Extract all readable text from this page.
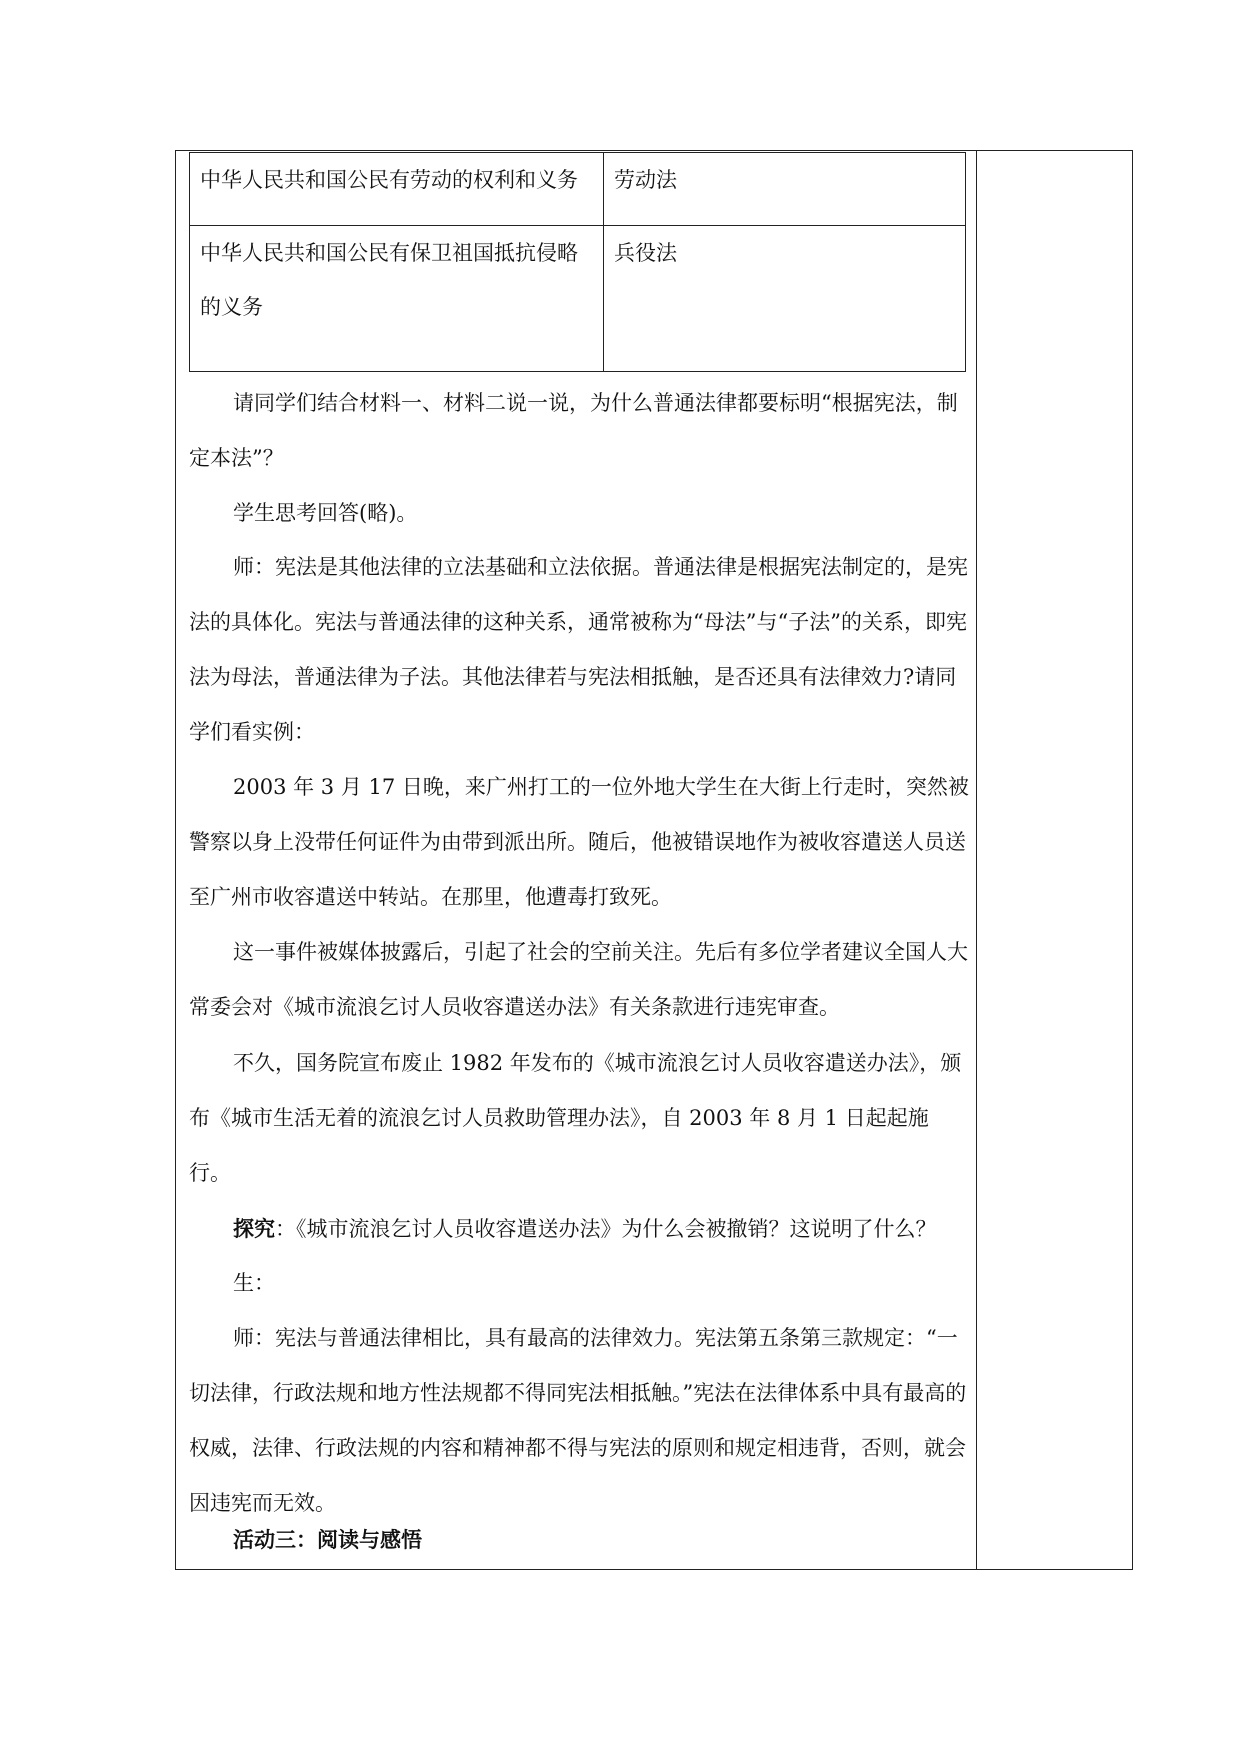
中华人民共和国公民有劳动的权利和义务	劳动法
中华人民共和国公民有保卫祖国抵抗侵略的义务	兵役法

请同学们结合材料一、材料二说一说，为什么普通法律都要标明“根据宪法，制定本法”？

学生思考回答(略)。

师：宪法是其他法律的立法基础和立法依据。普通法律是根据宪法制定的，是宪法的具体化。宪法与普通法律的这种关系，通常被称为“母法”与“子法”的关系，即宪法为母法，普通法律为子法。其他法律若与宪法相抵触，是否还具有法律效力?请同学们看实例：

2003 年 3 月 17 日晚，来广州打工的一位外地大学生在大街上行走时，突然被警察以身上没带任何证件为由带到派出所。随后，他被错误地作为被收容遣送人员送至广州市收容遣送中转站。在那里，他遭毒打致死。

这一事件被媒体披露后，引起了社会的空前关注。先后有多位学者建议全国人大常委会对《城市流浪乞讨人员收容遣送办法》有关条款进行违宪审查。

不久，国务院宣布废止 1982 年发布的《城市流浪乞讨人员收容遣送办法》，颁布《城市生活无着的流浪乞讨人员救助管理办法》，自 2003 年 8 月 1 日起起施行。

探究：《城市流浪乞讨人员收容遣送办法》为什么会被撤销？这说明了什么？

生：

师：宪法与普通法律相比，具有最高的法律效力。宪法第五条第三款规定：“一切法律，行政法规和地方性法规都不得同宪法相抵触。”宪法在法律体系中具有最高的权威，法律、行政法规的内容和精神都不得与宪法的原则和规定相违背，否则，就会因违宪而无效。

活动三：阅读与感悟
